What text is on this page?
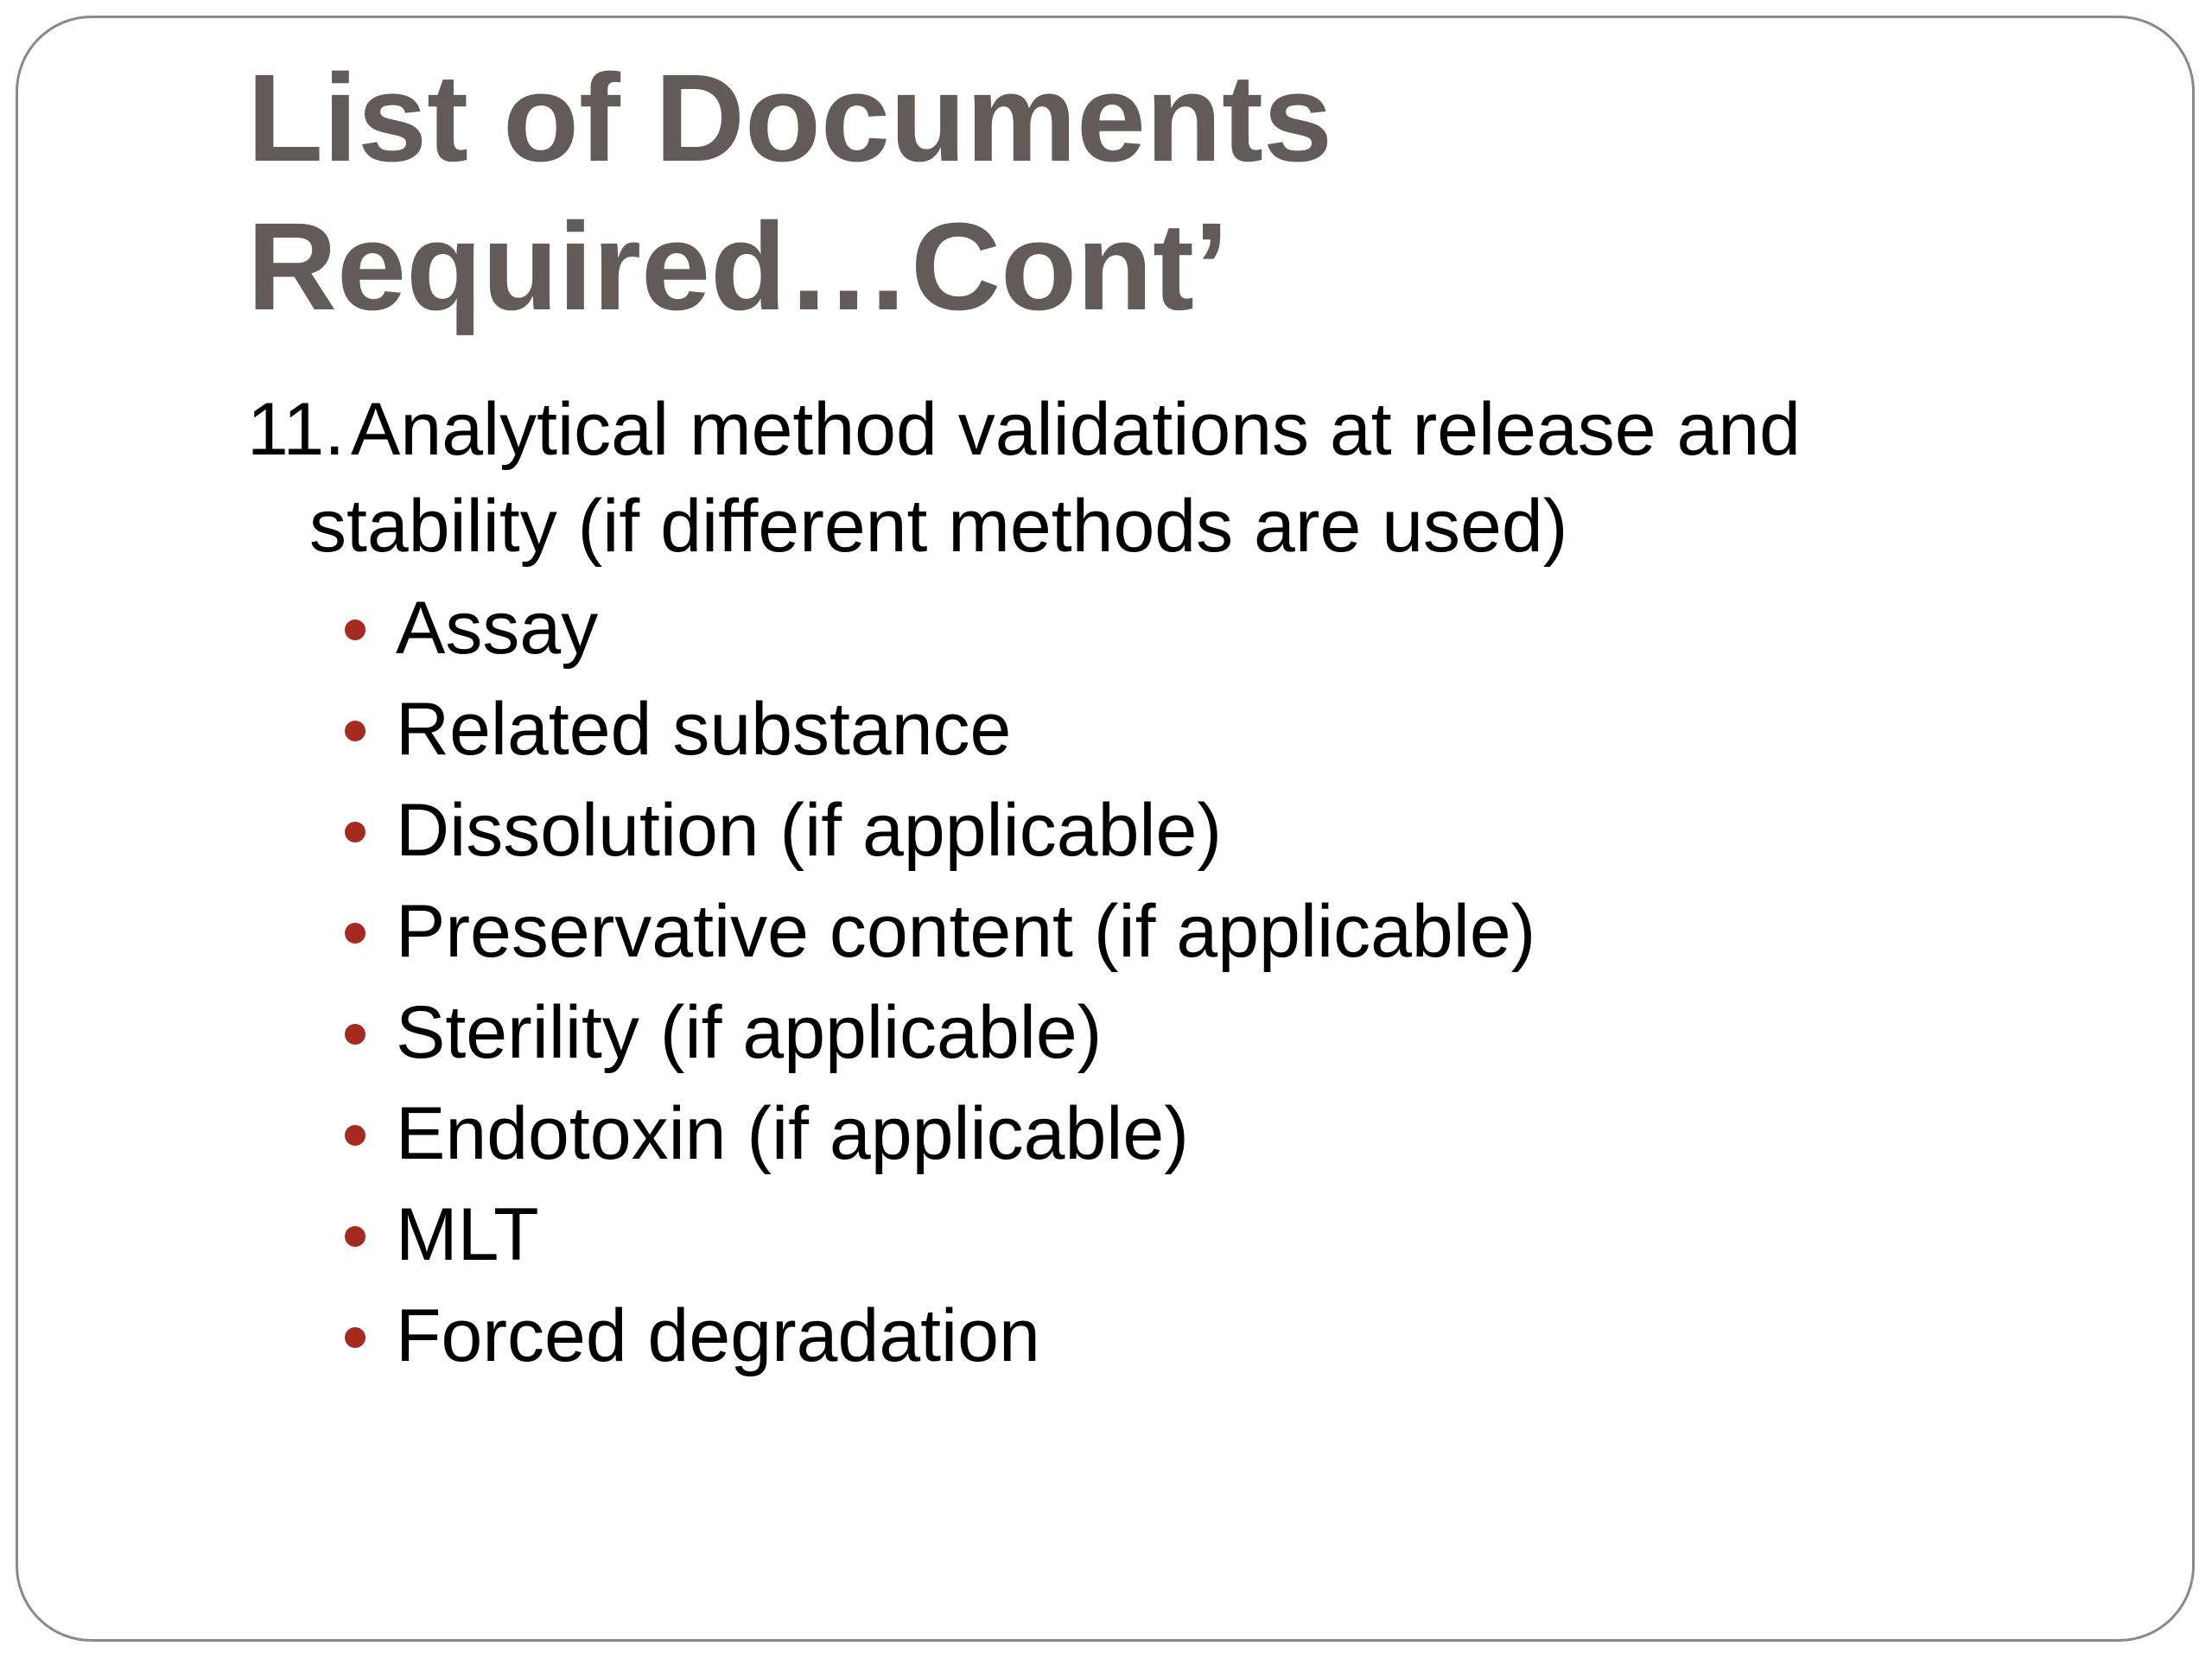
List of Documents
Required…Cont’
11.Analytical method validations at release and
stability (if different methods are used)
Assay
Related substance
Dissolution (if applicable)
Preservative content (if applicable)
Sterility (if applicable)
Endotoxin (if applicable)
MLT
Forced degradation
